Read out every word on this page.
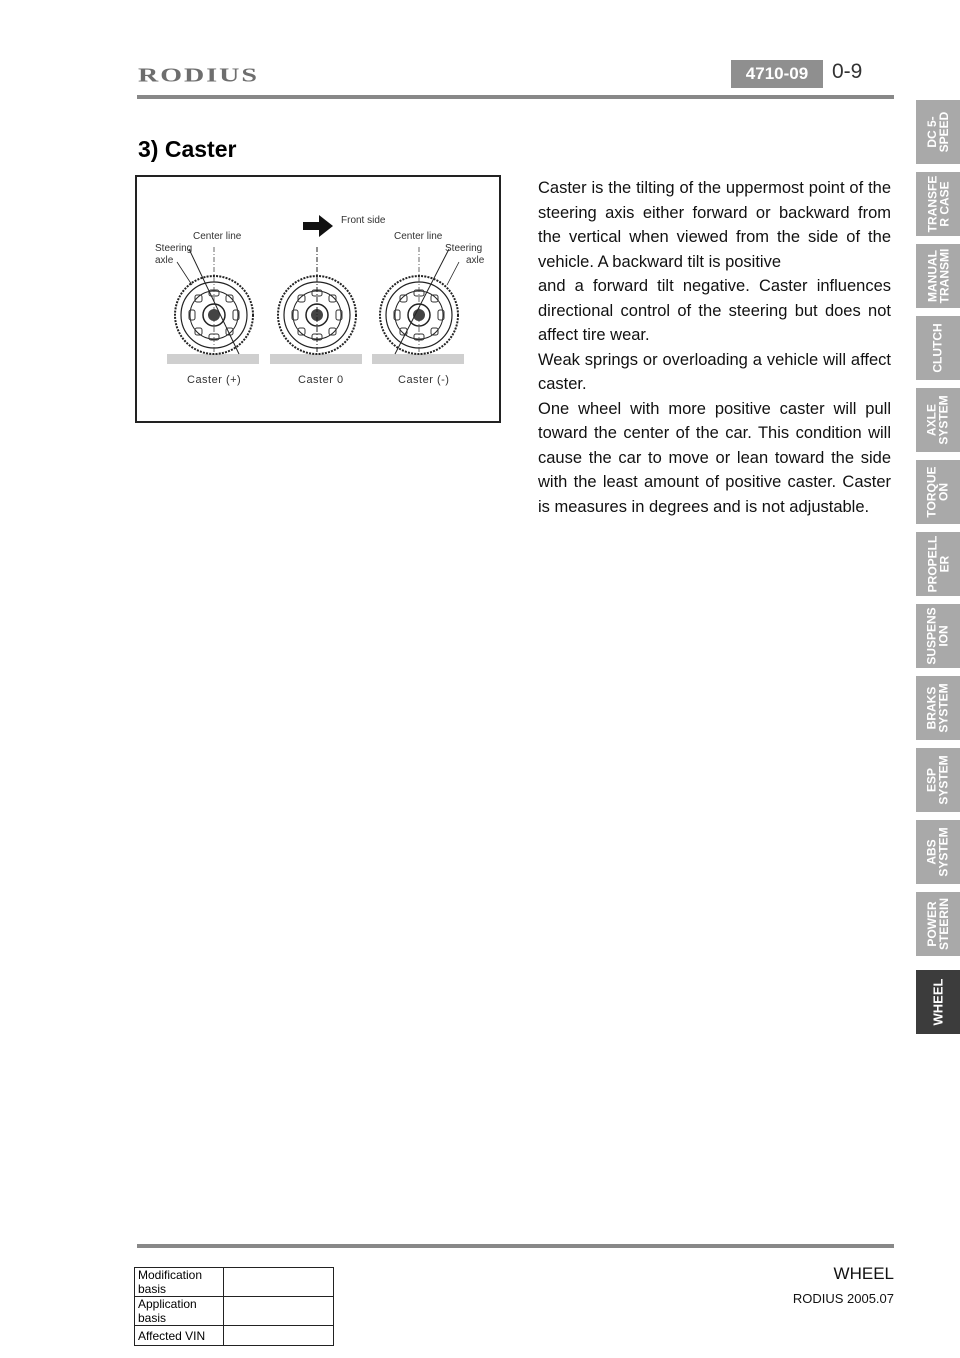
RODIUS	4710-09	0-9
3) Caster
Front side
Center line	Center line
Steering
axle
Steering
axle
Caster (+)	Caster 0	Caster (-)

Caster is the tilting of the uppermost point of the steering axis either forward or backward from the vertical when viewed from the side of the vehicle. A backward tilt is positive

and a forward tilt negative. Caster influences directional control of the steering but does not affect tire wear.

Weak springs or overloading a vehicle will affect caster.

One wheel with more positive caster will pull toward the center of the car. This condition will cause the car to move or lean toward the side with the least amount of positive caster. Caster is measures in degrees and is not adjustable.

DC 5-
SPEED
TRANSFE
R CASE
MANUAL
TRANSMI
CLUTCH
AXLE
SYSTEM
TORQUE
ON
PROPELL
ER
SUSPENS
ION
BRAKS
SYSTEM
ESP
SYSTEM
ABS
SYSTEM
POWER
STEERIN
WHEEL
WHEEL
RODIUS 2005.07
Modification basis	
Application basis	
Affected VIN	
